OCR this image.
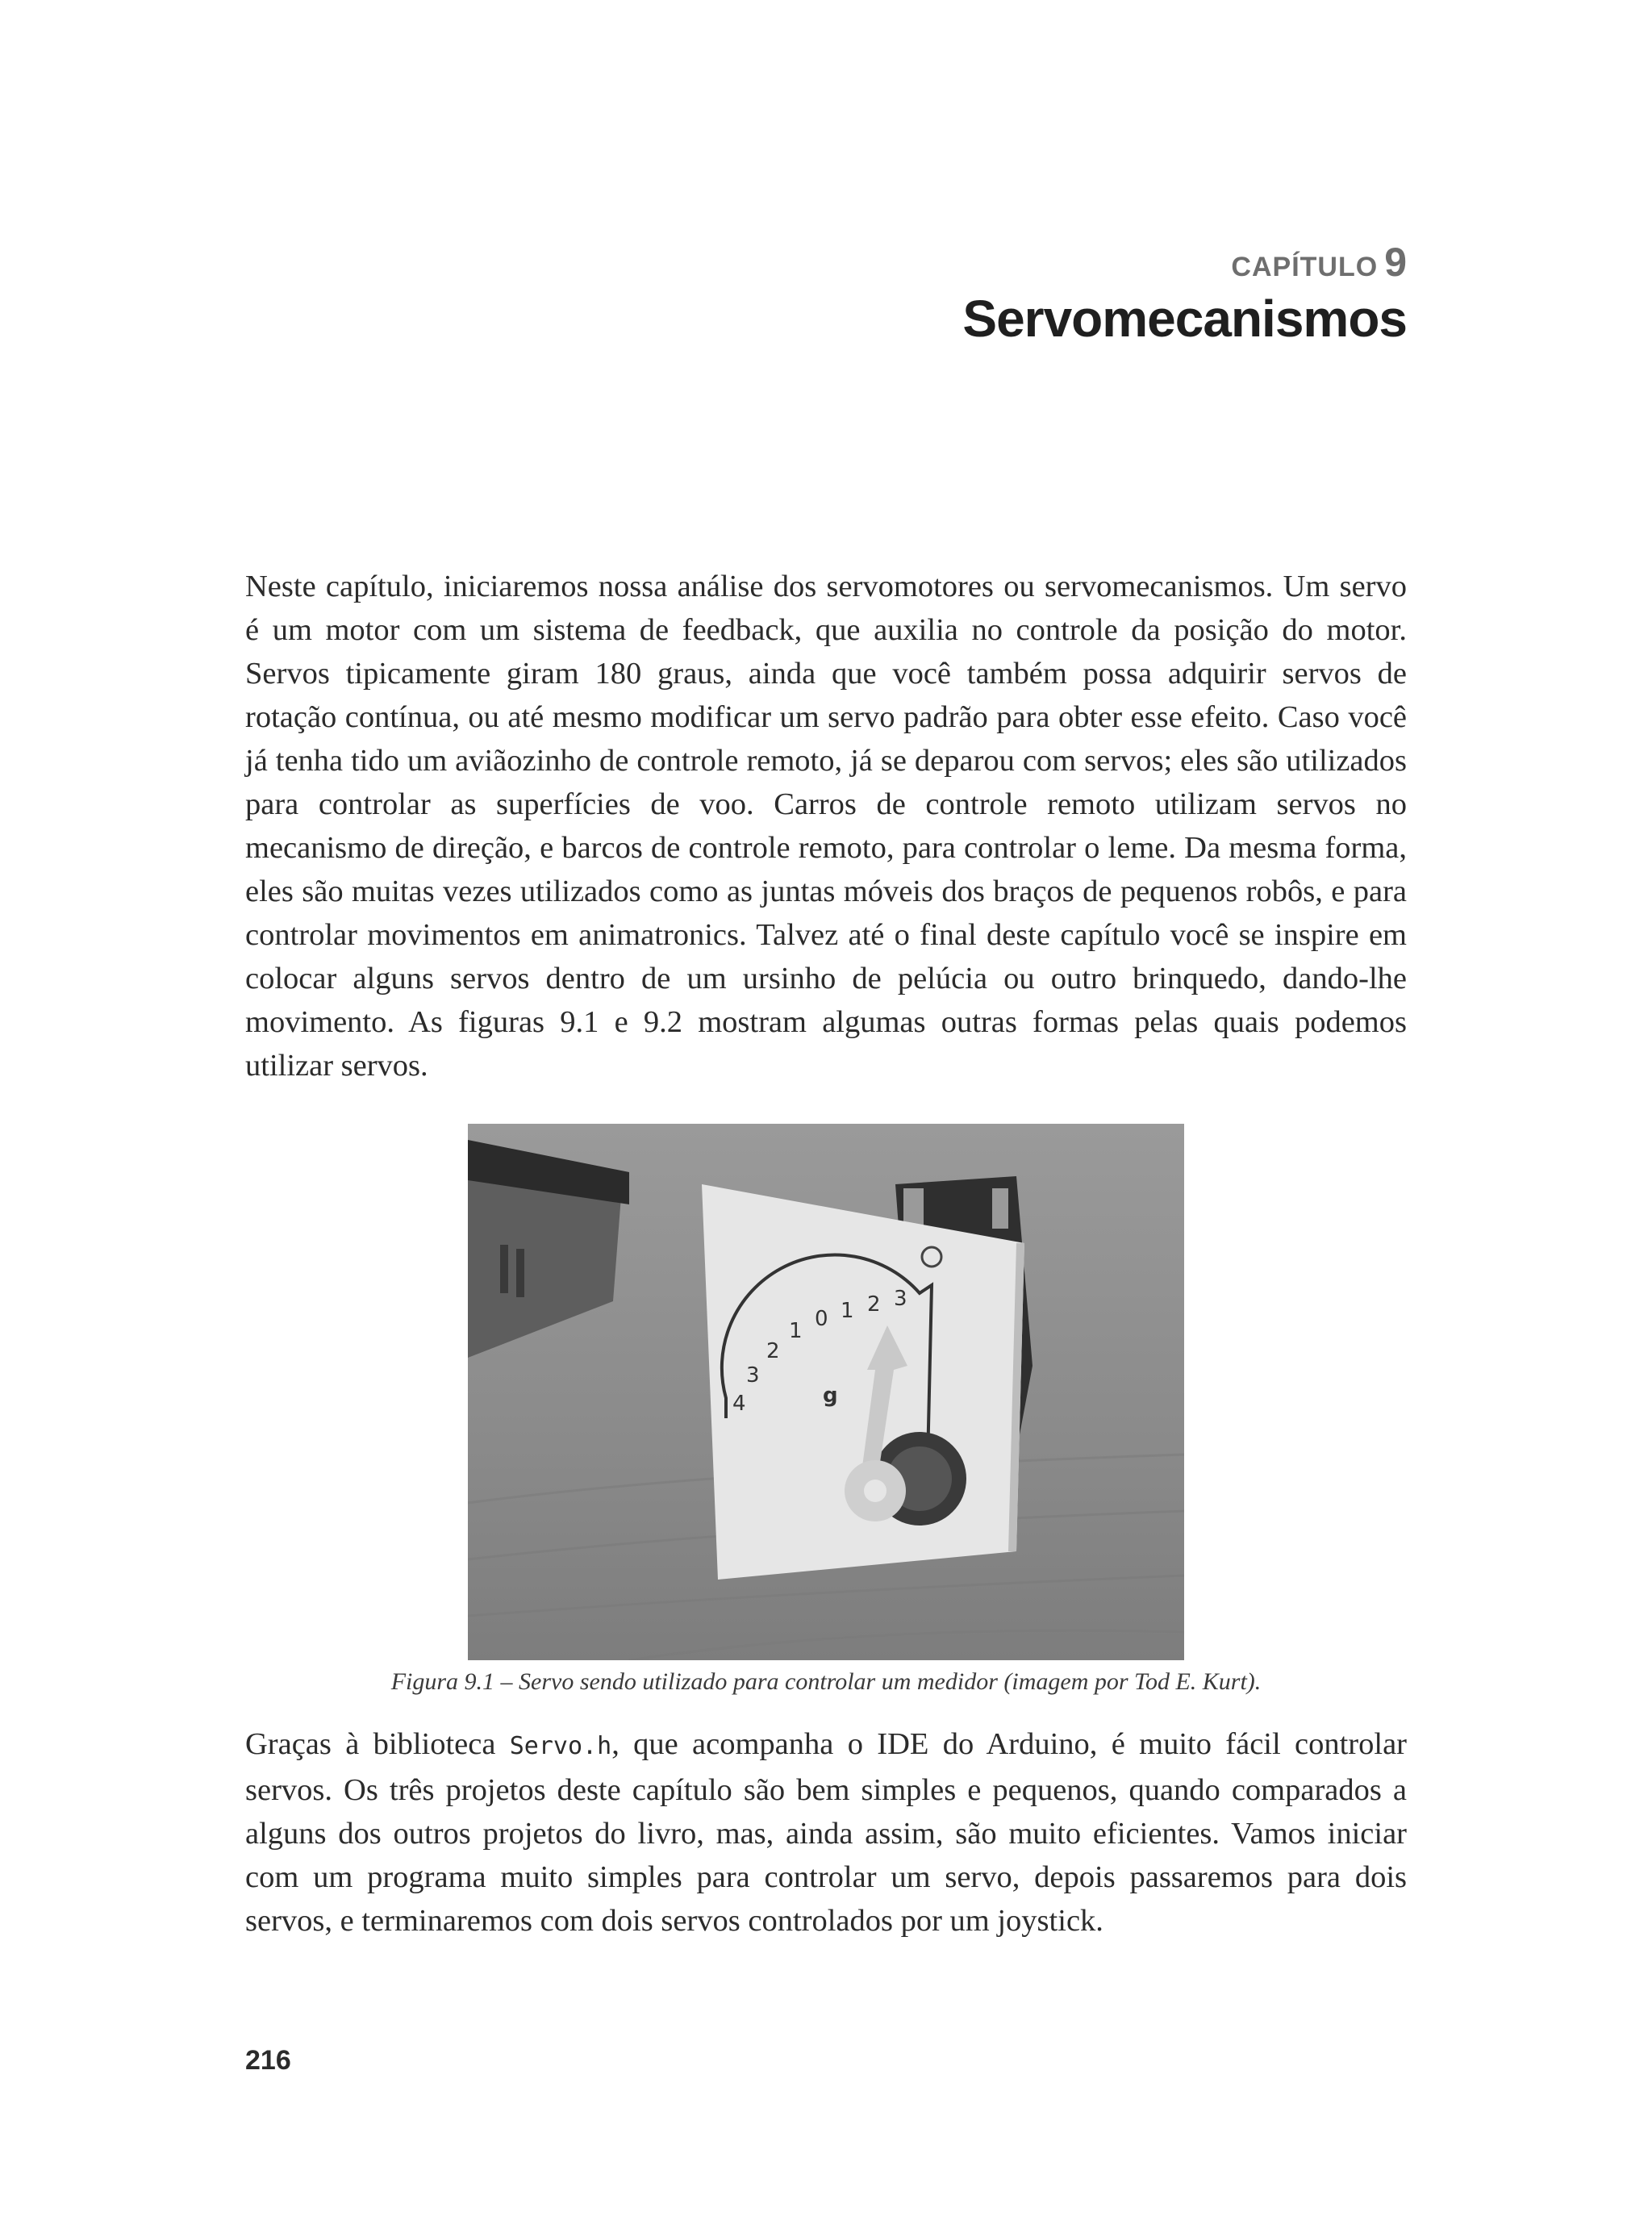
CAPÍTULO 9
Servomecanismos

Neste capítulo, iniciaremos nossa análise dos servomotores ou servomecanismos. Um servo é um motor com um sistema de feedback, que auxilia no controle da posição do motor. Servos tipicamente giram 180 graus, ainda que você também possa adquirir servos de rotação contínua, ou até mesmo modificar um servo padrão para obter esse efeito. Caso você já tenha tido um aviãozinho de controle remoto, já se deparou com servos; eles são utilizados para controlar as superfícies de voo. Carros de controle remoto utilizam servos no mecanismo de direção, e barcos de controle remoto, para controlar o leme. Da mesma forma, eles são muitas vezes utilizados como as juntas móveis dos braços de pequenos robôs, e para controlar movimentos em animatronics. Talvez até o final deste capítulo você se inspire em colocar alguns servos dentro de um ursinho de pelúcia ou outro brinquedo, dando-lhe movimento. As figuras 9.1 e 9.2 mostram algumas outras formas pelas quais podemos utilizar servos.

4
3
2
1 0 1 2 3
g

Figura 9.1 – Servo sendo utilizado para controlar um medidor (imagem por Tod E. Kurt).

Graças à biblioteca Servo.h, que acompanha o IDE do Arduino, é muito fácil controlar servos. Os três projetos deste capítulo são bem simples e pequenos, quando comparados a alguns dos outros projetos do livro, mas, ainda assim, são muito eficientes. Vamos iniciar com um programa muito simples para controlar um servo, depois passaremos para dois servos, e terminaremos com dois servos controlados por um joystick.

216
